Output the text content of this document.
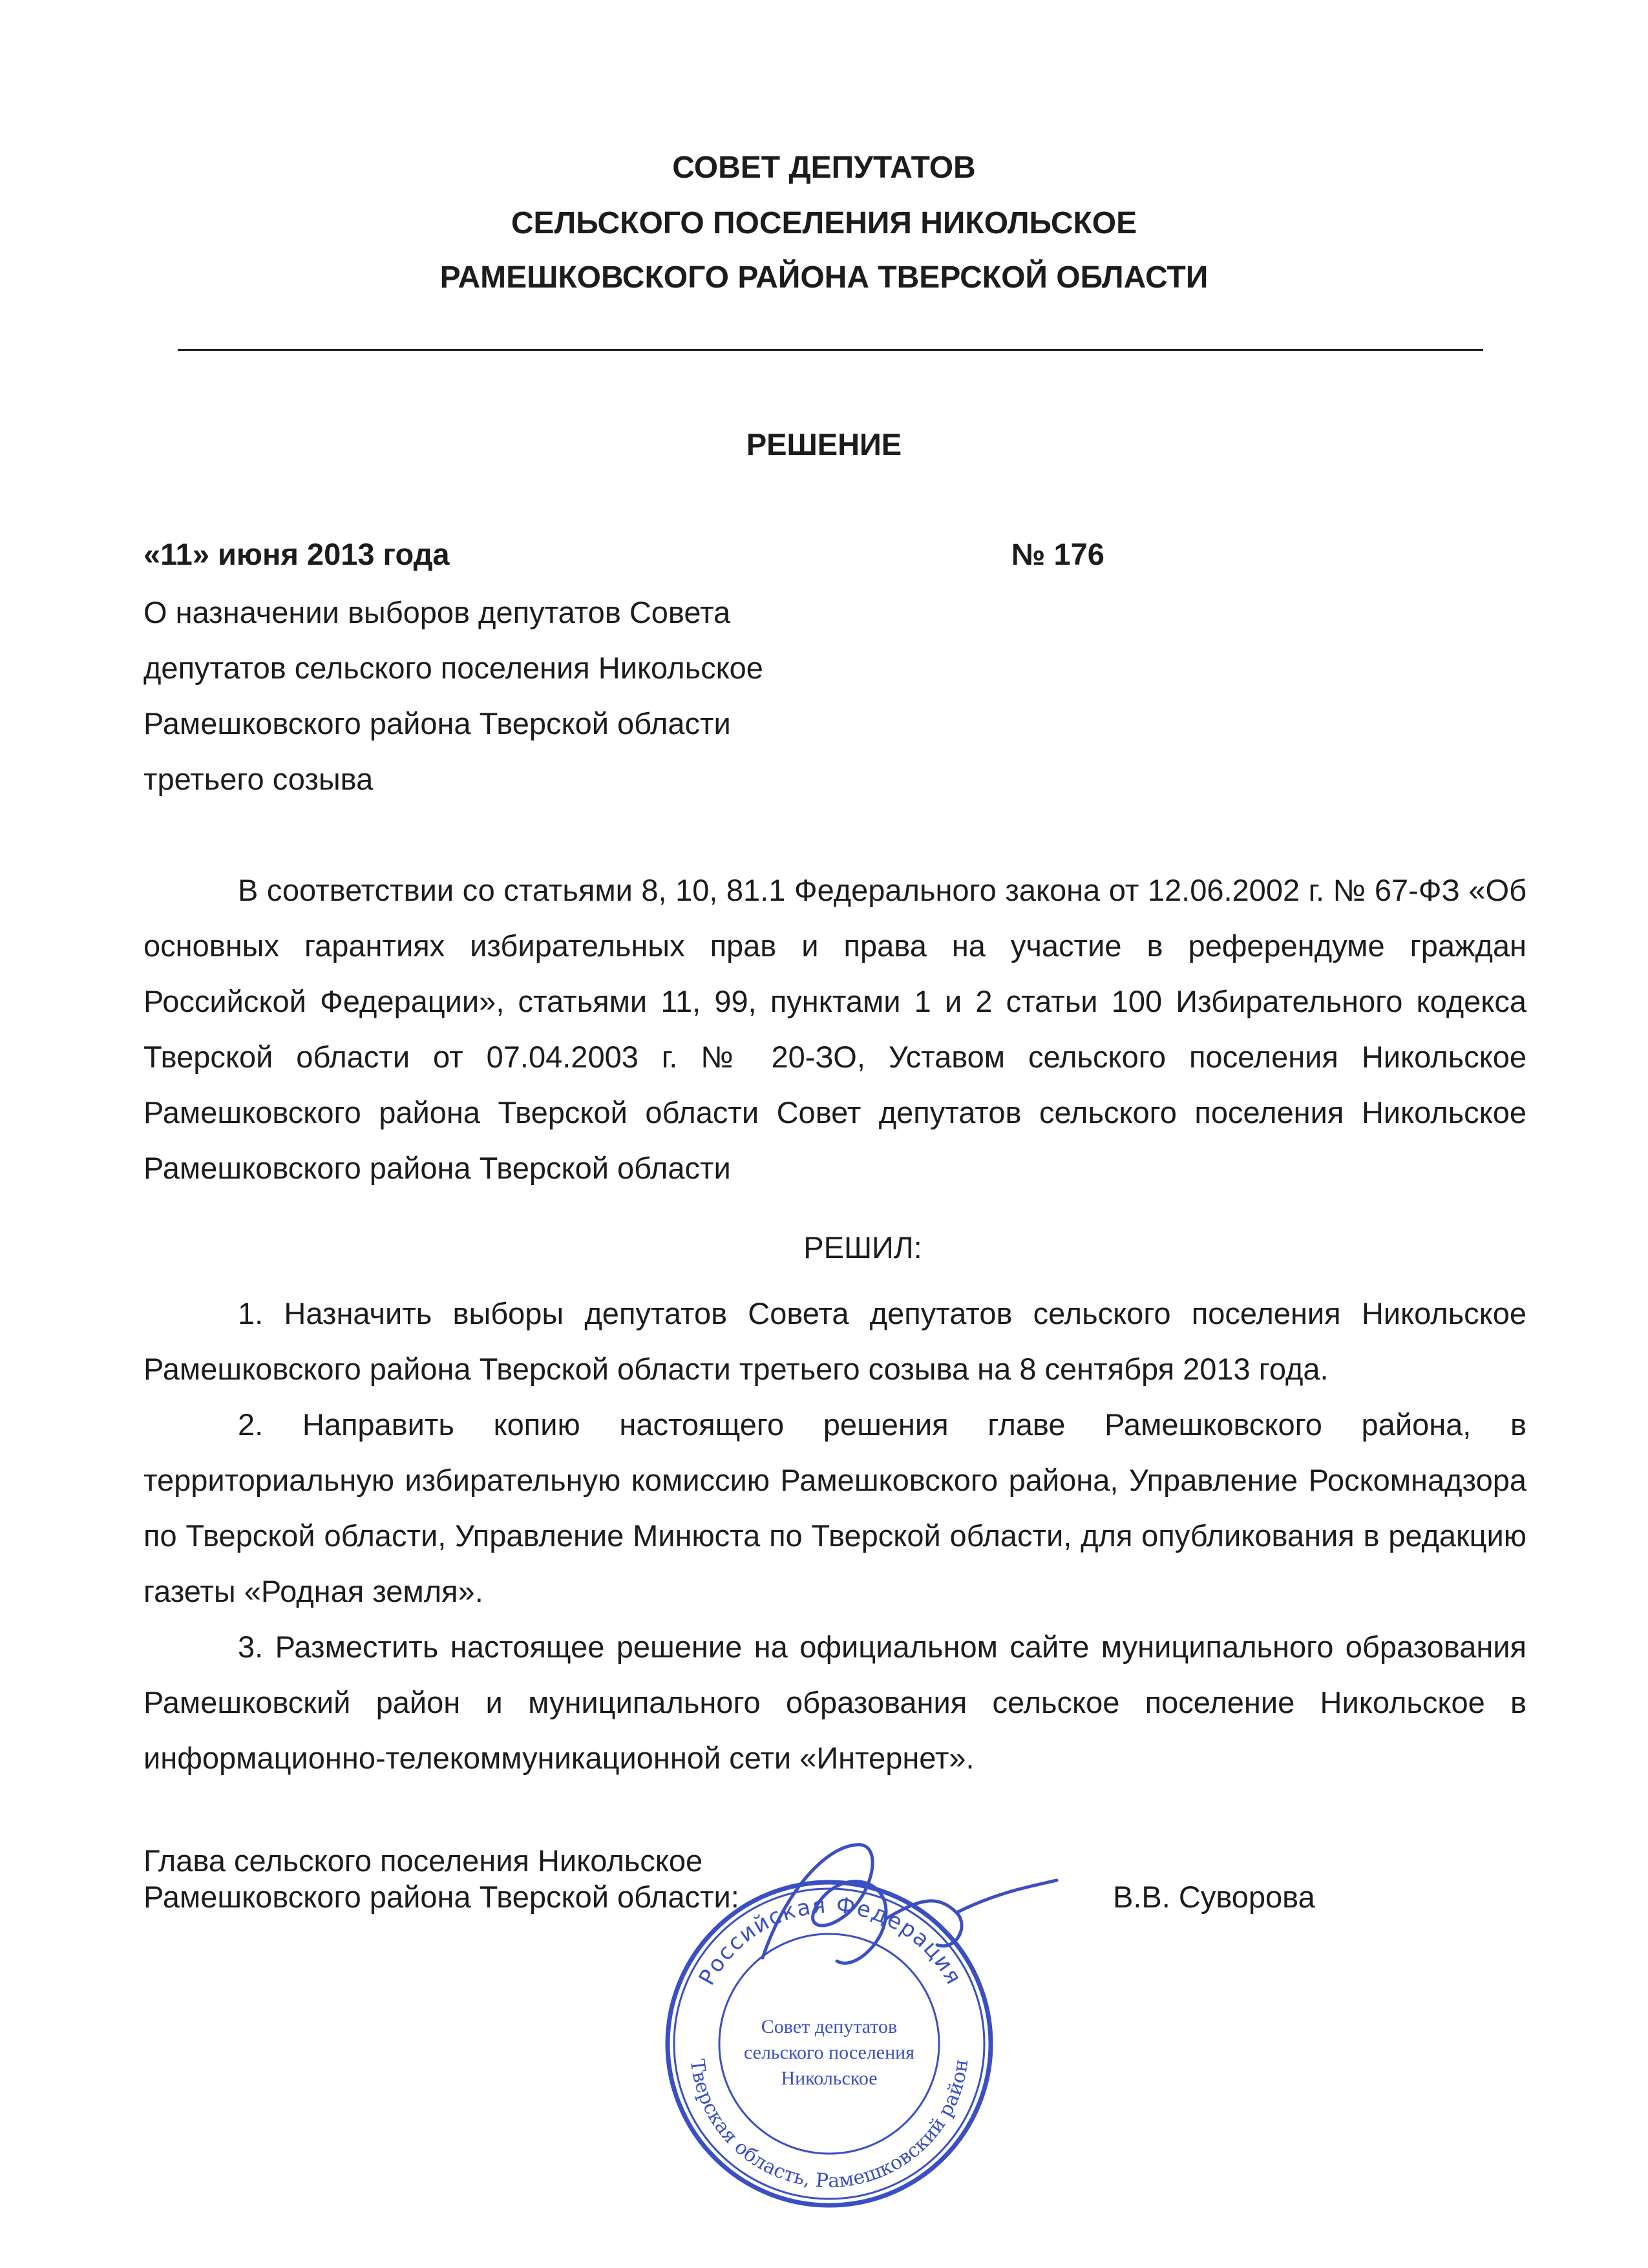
СОВЕТ ДЕПУТАТОВ
СЕЛЬСКОГО ПОСЕЛЕНИЯ НИКОЛЬСКОЕ
РАМЕШКОВСКОГО РАЙОНА ТВЕРСКОЙ ОБЛАСТИ
РЕШЕНИЕ
«11» июня 2013 года	№ 176
О назначении выборов депутатов Совета
депутатов сельского поселения Никольское
Рамешковского района Тверской области
третьего созыва

В соответствии со статьями 8, 10, 81.1 Федерального закона от 12.06.2002 г. № 67-ФЗ «Об основных гарантиях избирательных прав и права на участие в референдуме граждан Российской Федерации», статьями 11, 99, пунктами 1 и 2 статьи 100 Избирательного кодекса Тверской области от 07.04.2003 г. № 20-ЗО, Уставом сельского поселения Никольское Рамешковского района Тверской области Совет депутатов сельского поселения Никольское Рамешковского района Тверской области

РЕШИЛ:

1. Назначить выборы депутатов Совета депутатов сельского поселения Никольское Рамешковского района Тверской области третьего созыва на 8 сентября 2013 года.

2. Направить копию настоящего решения главе Рамешковского района, в территориальную избирательную комиссию Рамешковского района, Управление Роскомнадзора по Тверской области, Управление Минюста по Тверской области, для опубликования в редакцию газеты «Родная земля».

3. Разместить настоящее решение на официальном сайте муниципального образования Рамешковский район и муниципального образования сельское поселение Никольское в информационно-телекоммуникационной сети «Интернет».

Глава сельского поселения Никольское
Рамешковского района Тверской области:	В.В. Суворова
Российская Федерация
Тверская область, Рамешковский район
Совет депутатов
сельского поселения
Никольское
